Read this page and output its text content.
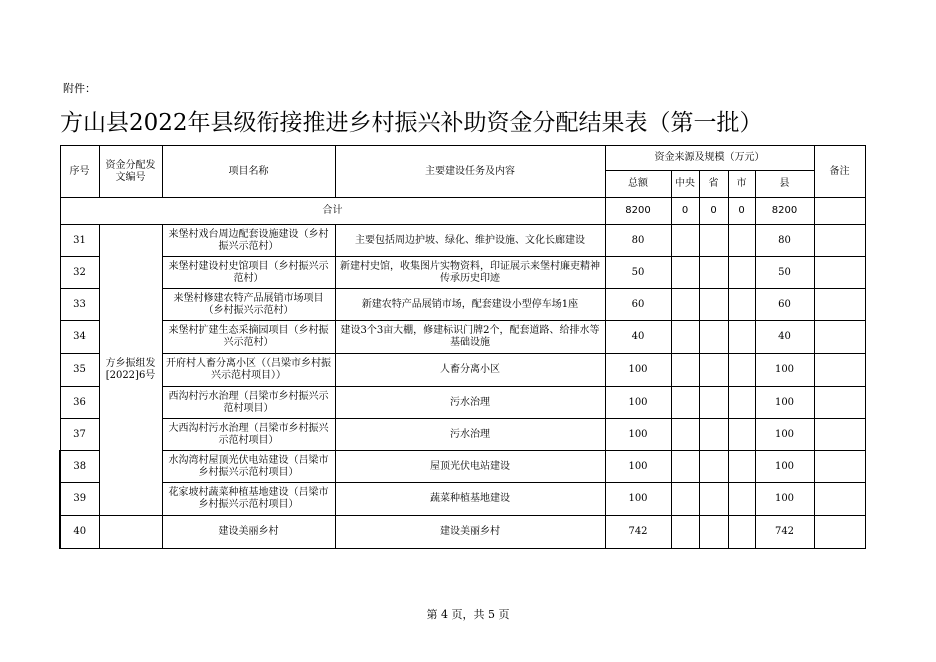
附件：
方山县2022年县级衔接推进乡村振兴补助资金分配结果表（第一批）
序号	资金分配发文编号	项目名称	主要建设任务及内容	资金来源及规模（万元）					备注
				总额	中央	省	市	县	
合计				8200	0	0	0	8200	
31	方乡振组发[2022]6号	来堡村戏台周边配套设施建设（乡村振兴示范村）	主要包括周边护坡、绿化、维护设施、文化长廊建设	80				80	
32		来堡村建设村史馆项目（乡村振兴示范村）	新建村史馆，收集图片实物资料，印证展示来堡村廉吏精神传承历史印迹	50				50	
33		来堡村修建农特产品展销市场项目（乡村振兴示范村）	新建农特产品展销市场，配套建设小型停车场1座	60				60	
34		来堡村扩建生态采摘园项目（乡村振兴示范村）	建设3个3亩大棚，修建标识门牌2个，配套道路、给排水等基础设施	40				40	
35		开府村人畜分离小区（（吕梁市乡村振兴示范村项目））	人畜分离小区	100				100	
36		西沟村污水治理（吕梁市乡村振兴示范村项目）	污水治理	100				100	
37		大西沟村污水治理（吕梁市乡村振兴示范村项目）	污水治理	100				100	
38		水沟湾村屋顶光伏电站建设（吕梁市乡村振兴示范村项目）	屋顶光伏电站建设	100				100	
39		花家坡村蔬菜种植基地建设（吕梁市乡村振兴示范村项目）	蔬菜种植基地建设	100				100	
40		建设美丽乡村	建设美丽乡村	742				742	
第 4 页，共 5 页
